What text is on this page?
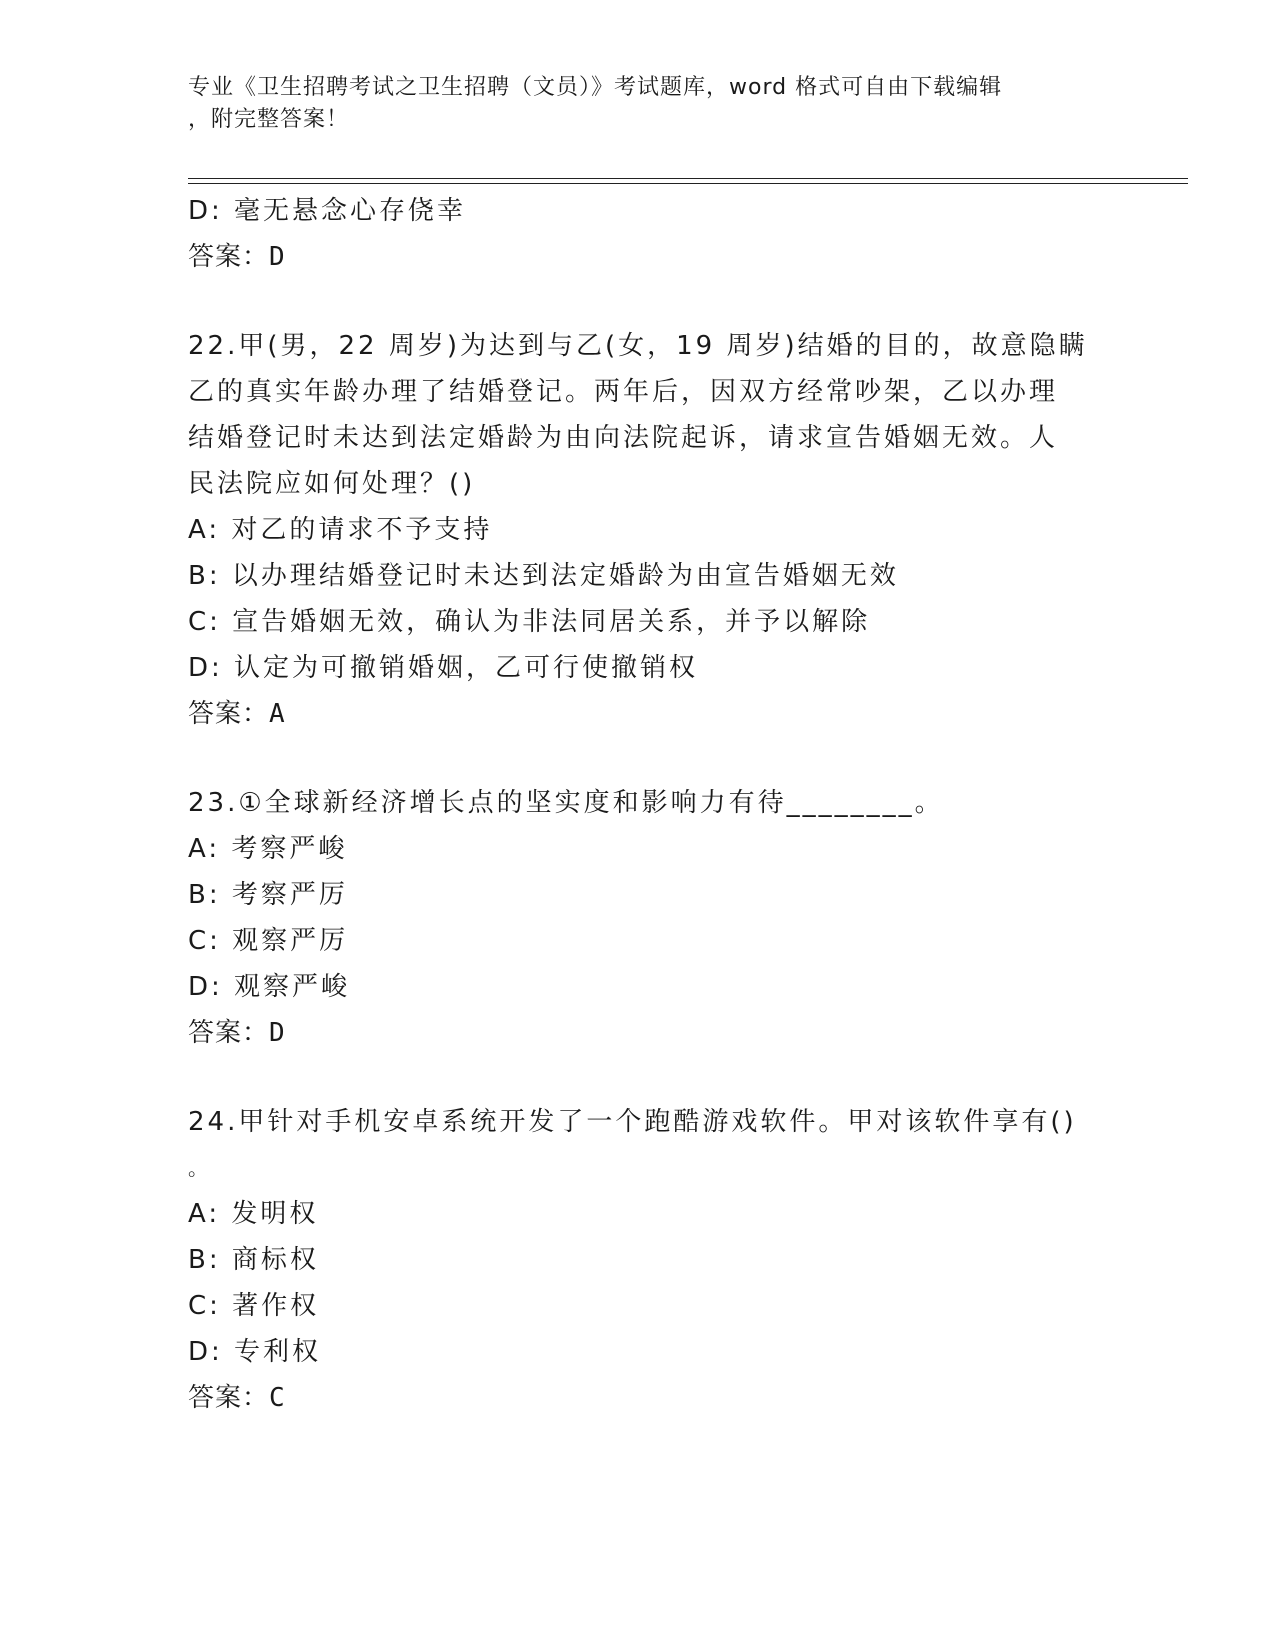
专业《卫生招聘考试之卫生招聘（文员）》考试题库，word 格式可自由下载编辑
，附完整答案！
D: 毫无悬念心存侥幸
答案：D
22.甲(男，22 周岁)为达到与乙(女，19 周岁)结婚的目的，故意隐瞒
乙的真实年龄办理了结婚登记。两年后，因双方经常吵架，乙以办理
结婚登记时未达到法定婚龄为由向法院起诉，请求宣告婚姻无效。人
民法院应如何处理？()
A: 对乙的请求不予支持
B: 以办理结婚登记时未达到法定婚龄为由宣告婚姻无效
C: 宣告婚姻无效，确认为非法同居关系，并予以解除
D: 认定为可撤销婚姻，乙可行使撤销权
答案：A
23.①全球新经济增长点的坚实度和影响力有待________。
A: 考察严峻
B: 考察严厉
C: 观察严厉
D: 观察严峻
答案：D
24.甲针对手机安卓系统开发了一个跑酷游戏软件。甲对该软件享有()
。
A: 发明权
B: 商标权
C: 著作权
D: 专利权
答案：C
